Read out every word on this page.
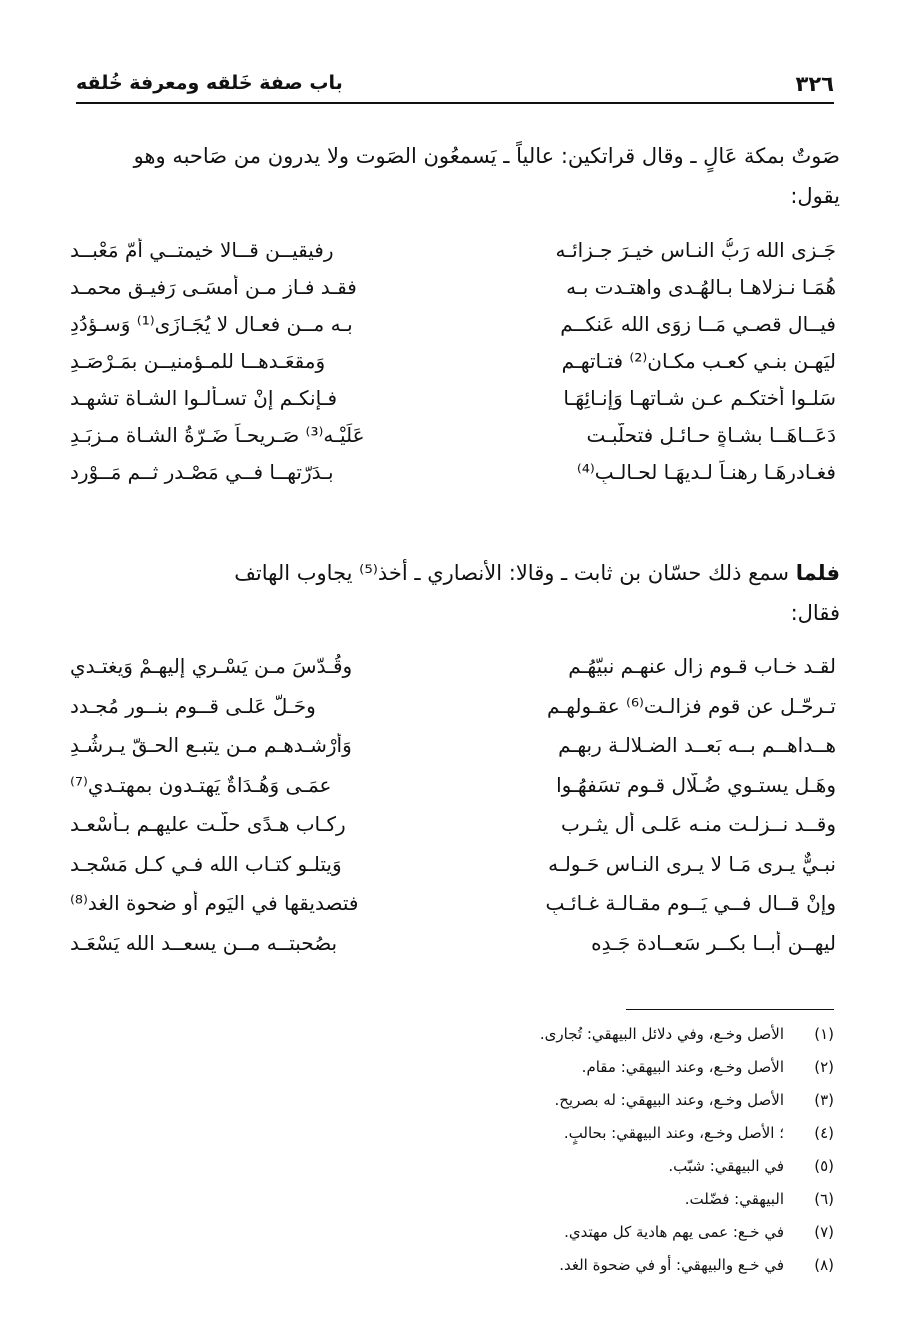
٣٢٦
باب صفة خَلقه ومعرفة خُلقه
صَوتٌ بمكة عَالٍ ـ وقال قراتكين: عالياً ـ يَسمعُون الصَوت ولا يدرون من صَاحبه وهو
يقول:
جَـزى الله رَبُّ النـاس خيـرَ جـزائـه
رفيقيــن قــالا خيمتــي أمّ مَعْبــد
هُمَـا نـزلاهـا بـالهُـدى واهتـدت بـه
فقـد فـاز مـن أمسَـى رَفيـق محمـد
فيــال قصـي مَــا زوَى الله عَنكــم
بـه مــن فعـال لا يُجَـازَى⁽¹⁾ وَسـؤدُدِ
ليَهـن بنـي كعـب مكـان⁽²⁾ فتـاتهـم
وَمقعَـدهــا للمـؤمنيــن بمَـرْصَـدِ
سَلـوا أختكـم عـن شـاتهـا وَإنـائِهَـا
فـإنكـم إنْ تسـألـوا الشـاة تشهـد
دَعَــاهَــا بشـاةٍ حـائـلٍ فتحلّبـت
عَلَيْـه⁽³⁾ صَـريحـاً ضَـرّةُ الشـاة مـزبَـدِ
فغـادرهَـا رهنـاً لـديهَـا لحـالـبٍ⁽⁴⁾
بـدَرّتهــا فــي مَصْـدر ثــم مَــوْرِد
فلما سمع ذلك حسّان بن ثابت ـ وقالا: الأنصاري ـ أخذ⁽⁵⁾ يجاوب الهاتف
فقال:
لقـد خـاب قـوم زال عنهـم نبيّهُـم
وقُـدّسَ مـن يَسْـري إليهـمْ وَيغتـدي
تـرحّـل عن قومٍ فزالـت⁽⁶⁾ عقـولهـم
وحَـلّ عَلـى قــوم بنــور مُجـدد
هــداهــم بــه بَعــد الضـلالـة ربهـم
وَأرْشـدهـم مـن يتبـع الحـقّ يـرشُـدِ
وهَـل يستـوي ضُـلّال قـوم تسَفهُـوا
عمَـى وَهُـدَاةٌ يَهتـدون بمهتـدي⁽⁷⁾
وقــد نــزلـت منـه عَلـى أَلِ يثـرب
ركـاب هـدًى حلّـت عليهـم بـأسْعـد
نبـيٌّ يـرى مَـا لا يـرى النـاس حَـولـه
وَيتلـو كتـاب الله فـي كـل مَسْجـد
وإنْ قــال فــي يَــوم مقـالـة غـائـبٍ
فتصديقها في اليَوم أو ضحوة الغد⁽⁸⁾
ليهــن أبــا بكــر سَعــادة جَـدِه
بصُحبتــه مــن يسعــد الله يَسْعَـد
(١)الأصل وخـع، وفي دلائل البيهقي: تُجارى.
(٢)الأصل وخـع، وعند البيهقي: مقام.
(٣)الأصل وخـع، وعند البيهقي: له بصريح.
(٤)؛ الأصل وخـع، وعند البيهقي: بحالبٍ.
(٥)في البيهقي: شبّب.
(٦)البيهقي: فضّلت.
(٧)في خـع: عمى يهم هادية كل مهتدي.
(٨)في خـع والبيهقي: أو في ضحوة الغد.
